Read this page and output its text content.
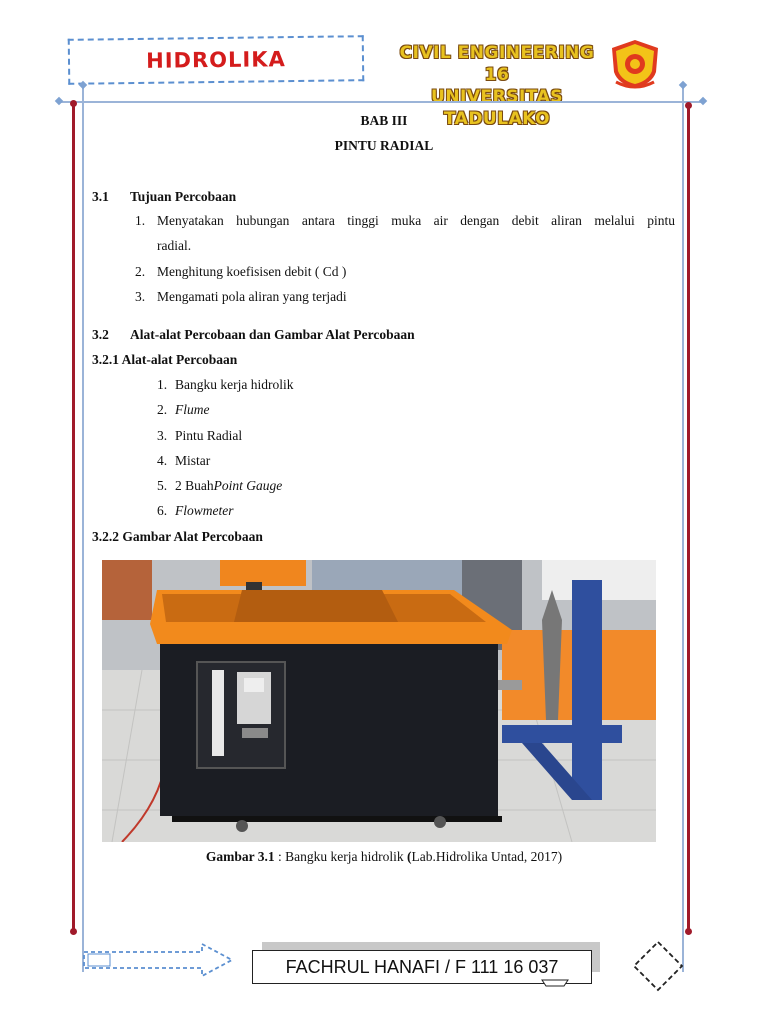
HIDROLIKA	CIVIL ENGINEERING 16
UNIVERSITAS TADULAKO
BAB III
PINTU RADIAL
3.1 Tujuan Percobaan
1. Menyatakan hubungan antara tinggi muka air dengan debit aliran melalui pintu
radial.
2. Menghitung koefisisen debit ( Cd )
3. Mengamati pola aliran yang terjadi
3.2 Alat-alat Percobaan dan Gambar Alat Percobaan
3.2.1 Alat-alat Percobaan
1. Bangku kerja hidrolik
2. Flume
3. Pintu Radial
4. Mistar
5. 2 BuahPoint Gauge
6. Flowmeter
3.2.2 Gambar Alat Percobaan
Gambar 3.1 : Bangku kerja hidrolik (Lab.Hidrolika Untad, 2017)
FACHRUL HANAFI / F 111 16 037
